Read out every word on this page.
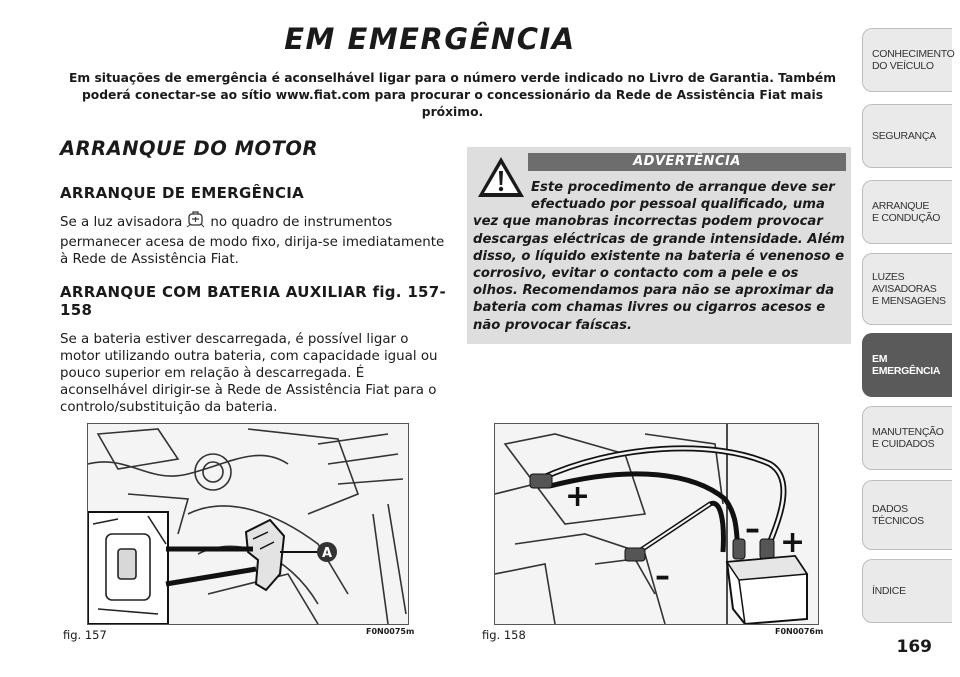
EM EMERGÊNCIA
Em situações de emergência é aconselhável ligar para o número verde indicado no Livro de Garantia. Também poderá conectar-se ao sítio www.fiat.com para procurar o concessionário da Rede de Assistência Fiat mais próximo.
ARRANQUE DO MOTOR
ARRANQUE DE EMERGÊNCIA
Se a luz avisadora no quadro de instrumentos permanecer acesa de modo fixo, dirija-se imediatamente à Rede de Assistência Fiat.
ARRANQUE COM BATERIA AUXILIAR fig. 157-158
Se a bateria estiver descarregada, é possível ligar o motor utilizando outra bateria, com capacidade igual ou pouco superior em relação à descarregada. É aconselhável dirigir-se à Rede de Assistência Fiat para o controlo/substituição da bateria.
ADVERTÊNCIA
Este procedimento de arranque deve ser efectuado por pessoal qualificado, uma
vez que manobras incorrectas podem provocar descargas eléctricas de grande intensidade. Além disso, o líquido existente na bateria é venenoso e corrosivo, evitar o contacto com a pele e os olhos. Recomendamos para não se aproximar da bateria com chamas livres ou cigarros acesos e não provocar faíscas.
A
fig. 157	F0N0075m
+
+
–
–
fig. 158	F0N0076m
CONHECIMENTO
DO VEÍCULO
SEGURANÇA
ARRANQUE
E CONDUÇÃO
LUZES
AVISADORAS
E MENSAGENS
EM EMERGÊNCIA
MANUTENÇÃO
E CUIDADOS
DADOS
TÉCNICOS
ÍNDICE
169
